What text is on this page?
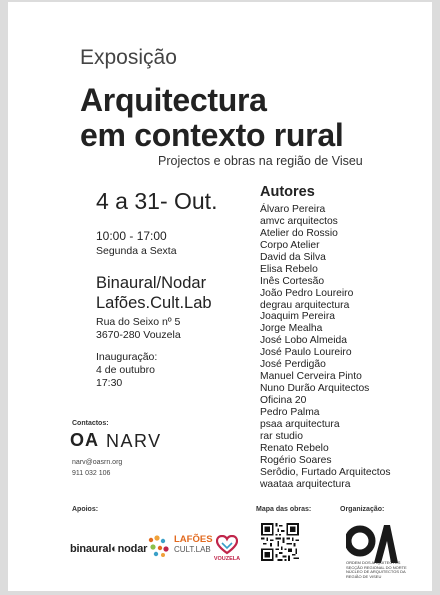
Exposição
Arquitectura
em contexto rural
Projectos e obras na região de Viseu
4 a 31- Out.
10:00 - 17:00
Segunda a Sexta
Binaural/Nodar
Lafões.Cult.Lab
Rua do Seixo nº 5
3670-280 Vouzela
Inauguração:
4 de outubro
17:30
Autores
Álvaro Pereira
amvc arquitectos
Atelier do Rossio
Corpo Atelier
David da Silva
Elisa Rebelo
Inês Cortesão
João Pedro Loureiro
degrau arquitectura
Joaquim Pereira
Jorge Mealha
José Lobo Almeida
José Paulo Loureiro
José Perdigão
Manuel Cerveira Pinto
Nuno Durão Arquitectos
Oficina 20
Pedro Palma
psaa arquitectura
rar studio
Renato Rebelo
Rogério Soares
Serôdio, Furtado Arquitectos
waataa arquitectura
Contactos:
OA NARV
narv@oasrn.org
911 032 106
Apoios:	Mapa das obras:	Organização:
binaural◐nodar
LAFÕES
CULT.LAB
VOUZELA
ORDEM DOS ARQUITECTOS SECÇÃO REGIONAL DO NORTE NÚCLEO DE ARQUITECTOS DA REGIÃO DE VISEU
